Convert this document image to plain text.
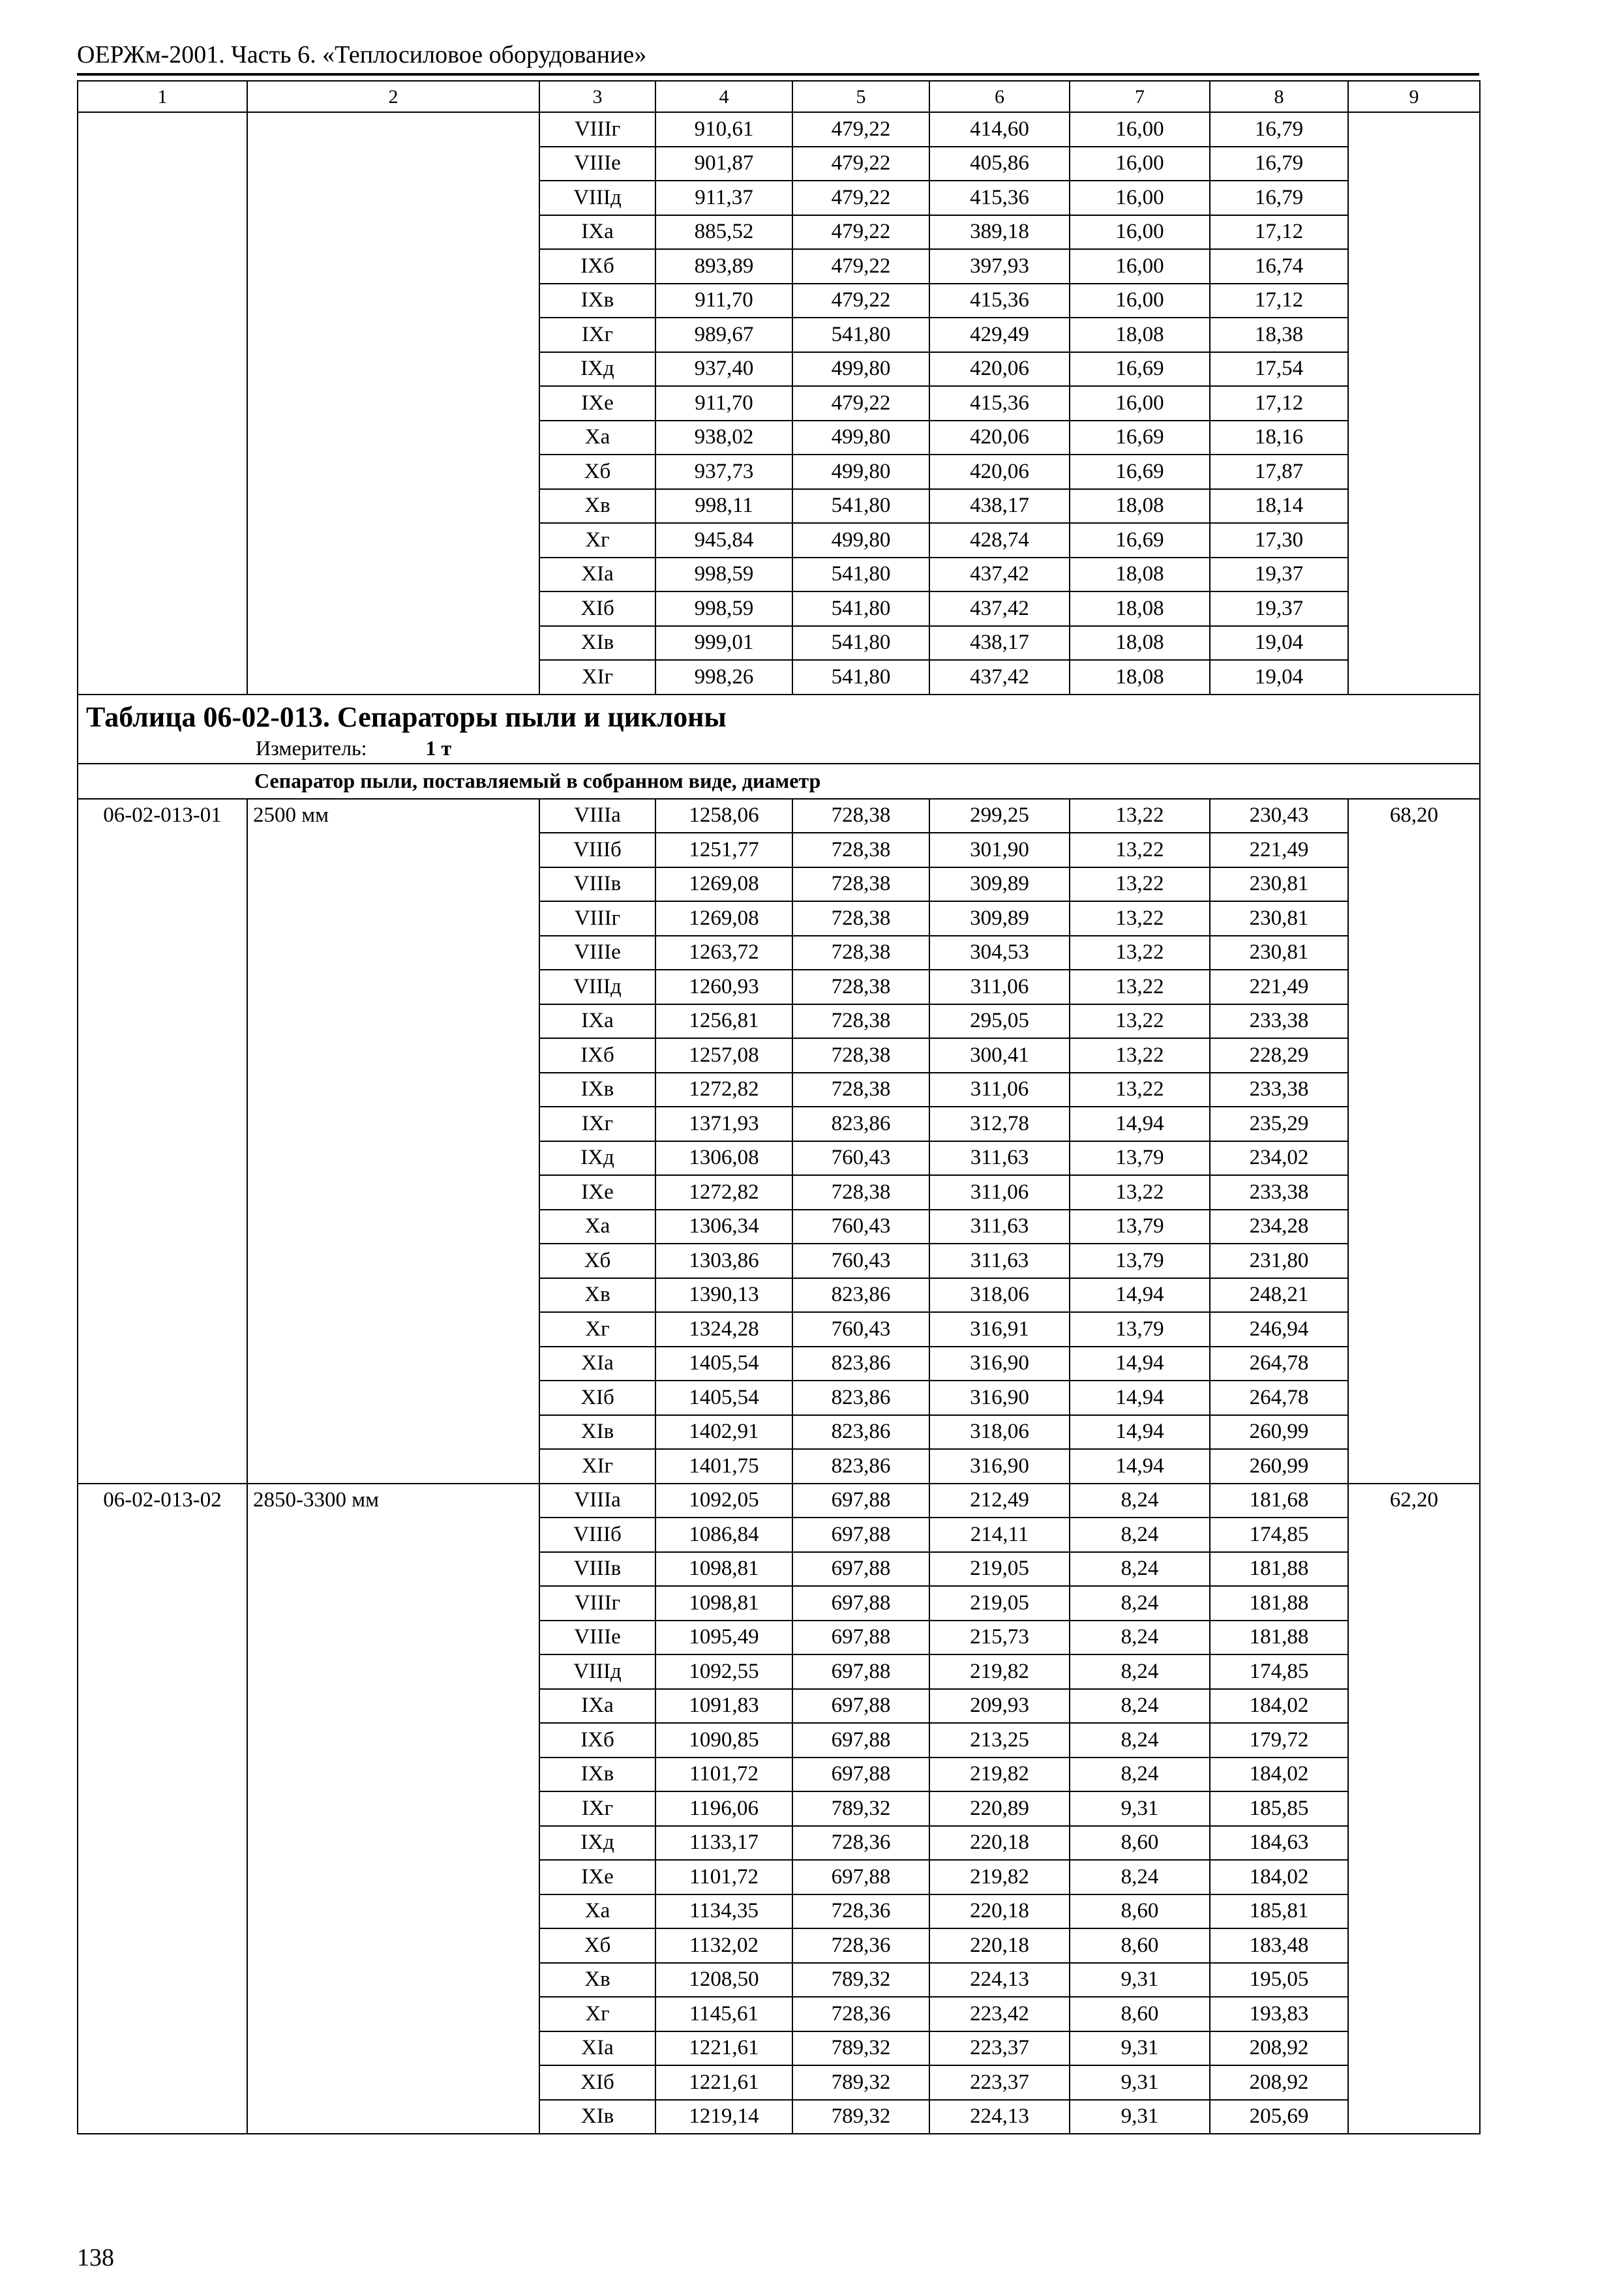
ОЕРЖм-2001. Часть 6. «Теплосиловое оборудование»
1	2	3	4	5	6	7	8	9
		VIIIг	910,61	479,22	414,60	16,00	16,79	
		VIIIe	901,87	479,22	405,86	16,00	16,79	
		VIIIд	911,37	479,22	415,36	16,00	16,79	
		IXa	885,52	479,22	389,18	16,00	17,12	
		IXб	893,89	479,22	397,93	16,00	16,74	
		IXв	911,70	479,22	415,36	16,00	17,12	
		IXг	989,67	541,80	429,49	18,08	18,38	
		IXд	937,40	499,80	420,06	16,69	17,54	
		IXe	911,70	479,22	415,36	16,00	17,12	
		Xa	938,02	499,80	420,06	16,69	18,16	
		Xб	937,73	499,80	420,06	16,69	17,87	
		Xв	998,11	541,80	438,17	18,08	18,14	
		Xг	945,84	499,80	428,74	16,69	17,30	
		XIa	998,59	541,80	437,42	18,08	19,37	
		XIб	998,59	541,80	437,42	18,08	19,37	
		XIв	999,01	541,80	438,17	18,08	19,04	
		XIг	998,26	541,80	437,42	18,08	19,04	

Таблица 06-02-013. Сепараторы пыли и циклоны
Измеритель: 1 т								

Сепаратор пыли, поставляемый в собранном виде, диаметр								
06-02-013-01	2500 мм	VIIIa	1258,06	728,38	299,25	13,22	230,43	68,20
		VIIIб	1251,77	728,38	301,90	13,22	221,49	
		VIIIв	1269,08	728,38	309,89	13,22	230,81	
		VIIIг	1269,08	728,38	309,89	13,22	230,81	
		VIIIe	1263,72	728,38	304,53	13,22	230,81	
		VIIIд	1260,93	728,38	311,06	13,22	221,49	
		IXa	1256,81	728,38	295,05	13,22	233,38	
		IXб	1257,08	728,38	300,41	13,22	228,29	
		IXв	1272,82	728,38	311,06	13,22	233,38	
		IXг	1371,93	823,86	312,78	14,94	235,29	
		IXд	1306,08	760,43	311,63	13,79	234,02	
		IXe	1272,82	728,38	311,06	13,22	233,38	
		Xa	1306,34	760,43	311,63	13,79	234,28	
		Xб	1303,86	760,43	311,63	13,79	231,80	
		Xв	1390,13	823,86	318,06	14,94	248,21	
		Xг	1324,28	760,43	316,91	13,79	246,94	
		XIa	1405,54	823,86	316,90	14,94	264,78	
		XIб	1405,54	823,86	316,90	14,94	264,78	
		XIв	1402,91	823,86	318,06	14,94	260,99	
		XIг	1401,75	823,86	316,90	14,94	260,99	
06-02-013-02	2850-3300 мм	VIIIa	1092,05	697,88	212,49	8,24	181,68	62,20
		VIIIб	1086,84	697,88	214,11	8,24	174,85	
		VIIIв	1098,81	697,88	219,05	8,24	181,88	
		VIIIг	1098,81	697,88	219,05	8,24	181,88	
		VIIIe	1095,49	697,88	215,73	8,24	181,88	
		VIIIд	1092,55	697,88	219,82	8,24	174,85	
		IXa	1091,83	697,88	209,93	8,24	184,02	
		IXб	1090,85	697,88	213,25	8,24	179,72	
		IXв	1101,72	697,88	219,82	8,24	184,02	
		IXг	1196,06	789,32	220,89	9,31	185,85	
		IXд	1133,17	728,36	220,18	8,60	184,63	
		IXe	1101,72	697,88	219,82	8,24	184,02	
		Xa	1134,35	728,36	220,18	8,60	185,81	
		Xб	1132,02	728,36	220,18	8,60	183,48	
		Xв	1208,50	789,32	224,13	9,31	195,05	
		Xг	1145,61	728,36	223,42	8,60	193,83	
		XIa	1221,61	789,32	223,37	9,31	208,92	
		XIб	1221,61	789,32	223,37	9,31	208,92	
		XIв	1219,14	789,32	224,13	9,31	205,69	
138
